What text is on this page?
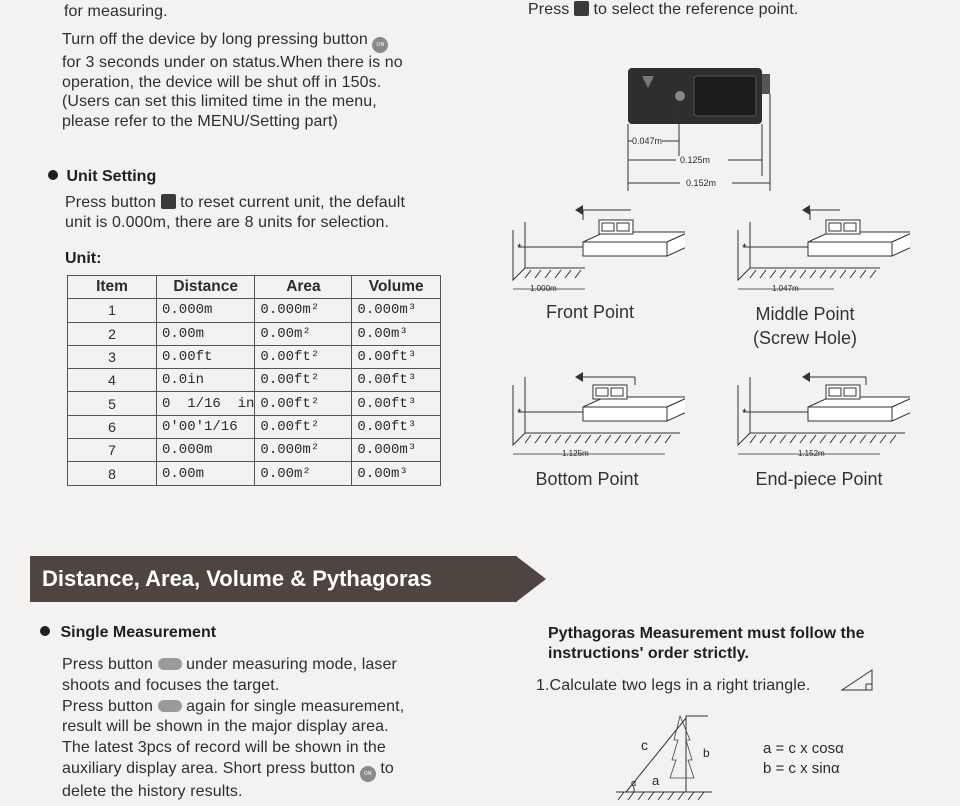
for measuring.
Turn off the device by long pressing button ON
for 3 seconds under on status.When there is no
operation, the device will be shut off in 150s.
(Users can set this limited time in the menu,
please refer to the MENU/Setting part)
Unit Setting
Press button to reset current unit, the default
unit is 0.000m, there are 8 units for selection.
Unit:
Item	Distance	Area	Volume
1	0.000m	0.000m²	0.000m³
2	0.00m	0.00m²	0.00m³
3	0.00ft	0.00ft²	0.00ft³
4	0.0in	0.00ft²	0.00ft³
5	0  1/16  in	0.00ft²	0.00ft³
6	0'00'1/16	0.00ft²	0.00ft³
7	0.000m	0.000m²	0.000m³
8	0.00m	0.00m²	0.00m³
Press to select the reference point.
0.047m
0.125m
0.152m
*
1.000m
Front Point
*
1.047m
Middle Point
(Screw Hole)
*
1.125m
Bottom Point
*
1.152m
End-piece Point
Distance, Area, Volume & Pythagoras
Single Measurement
Press button under measuring mode, laser
shoots and focuses the target.
Press button again for single measurement,
result will be shown in the major display area.
The latest 3pcs of record will be shown in the
auxiliary display area. Short press button ON to
delete the history results.
Pythagoras Measurement must follow the
instructions' order strictly.
1.Calculate two legs in a right triangle.
c	b
a
α
a = c x cosα
b = c x sinα
